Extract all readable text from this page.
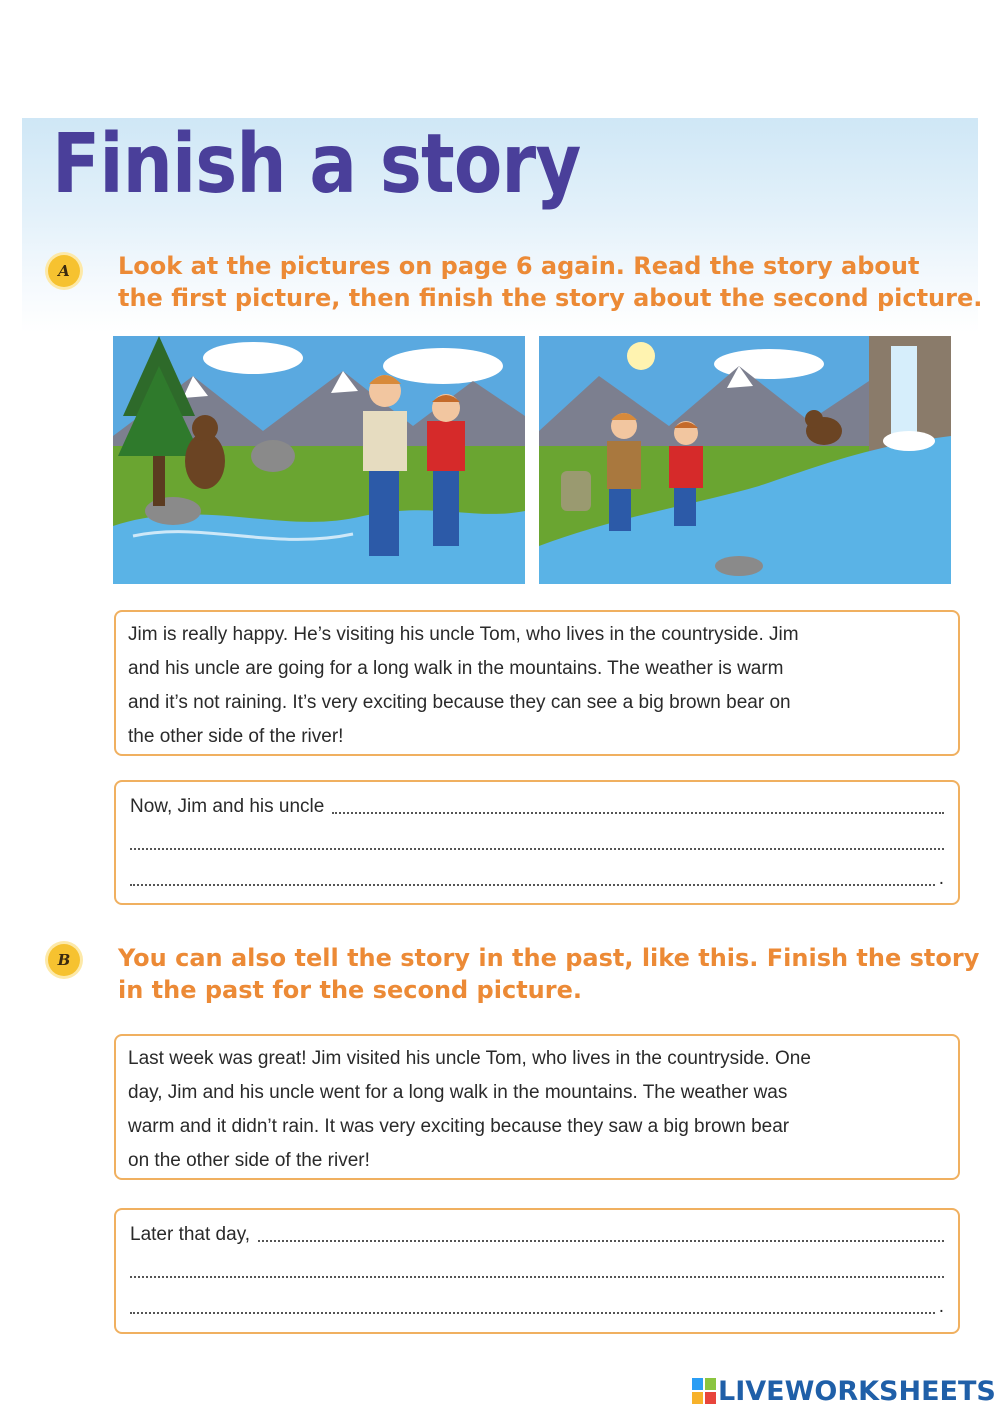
Finish a story
A	Look at the pictures on page 6 again. Read the story about
the first picture, then finish the story about the second picture.
Jim is really happy. He’s visiting his uncle Tom, who lives in the countryside. Jim
and his uncle are going for a long walk in the mountains. The weather is warm
and it’s not raining. It’s very exciting because they can see a big brown bear on
the other side of the river!
Now, Jim and his uncle
.
B	You can also tell the story in the past, like this. Finish the story
in the past for the second picture.
Last week was great! Jim visited his uncle Tom, who lives in the countryside. One
day, Jim and his uncle went for a long walk in the mountains. The weather was
warm and it didn’t rain. It was very exciting because they saw a big brown bear
on the other side of the river!
Later that day,
.
LIVEWORKSHEETS
